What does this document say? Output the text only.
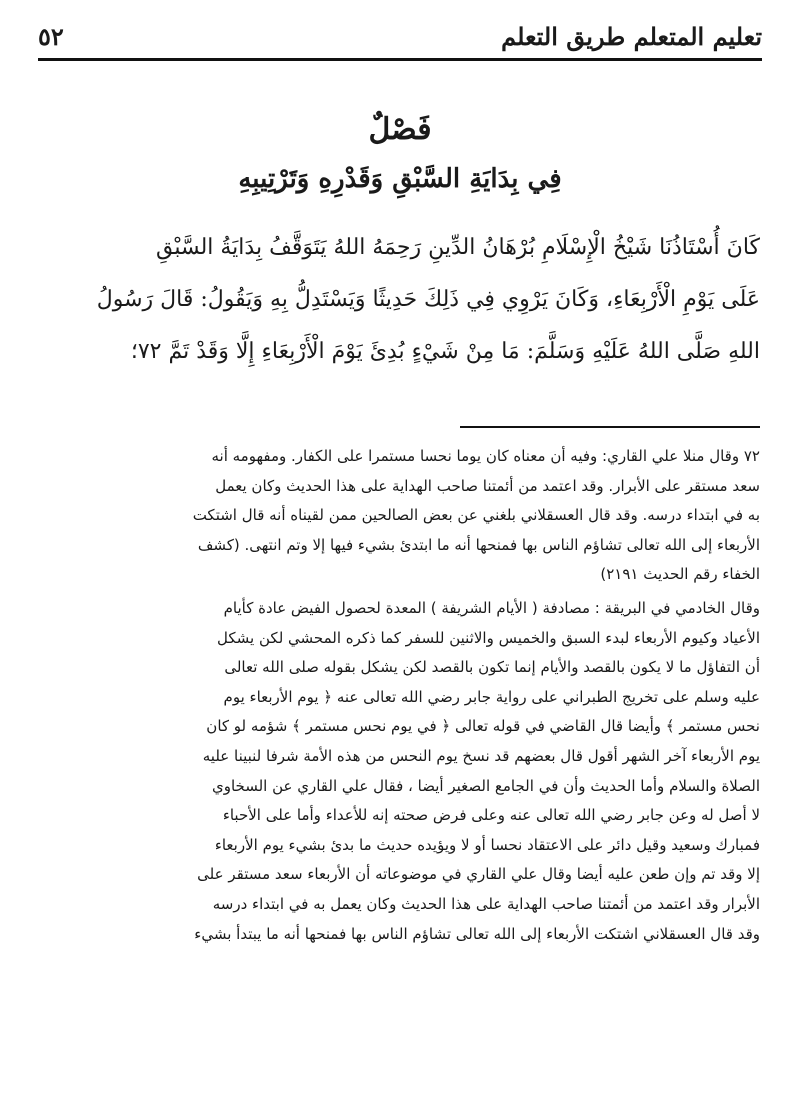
تعليم المتعلم طريق التعلم
٥٢
فَصْلٌ
فِي بِدَايَةِ السَّبْقِ وَقَدْرِهِ وَتَرْتِيبِهِ
كَانَ أُسْتَاذُنَا شَيْخُ الْإِسْلَامِ بُرْهَانُ الدِّينِ رَحِمَهُ اللهُ يَتَوَقَّفُ بِدَايَةُ السَّبْقِ
عَلَى يَوْمِ الْأَرْبِعَاءِ، وَكَانَ يَرْوِي فِي ذَلِكَ حَدِيثًا وَيَسْتَدِلُّ بِهِ وَيَقُولُ: قَالَ رَسُولُ
اللهِ صَلَّى اللهُ عَلَيْهِ وَسَلَّمَ: مَا مِنْ شَيْءٍ بُدِئَ يَوْمَ الْأَرْبِعَاءِ إِلَّا وَقَدْ تَمَّ ٧٢؛
٧٢ وقال منلا علي القاري: وفيه أن معناه كان يوما نحسا مستمرا على الكفار. ومفهومه أنه
سعد مستقر على الأبرار. وقد اعتمد من أئمتنا صاحب الهداية على هذا الحديث وكان يعمل
به في ابتداء درسه. وقد قال العسقلاني بلغني عن بعض الصالحين ممن لقيناه أنه قال اشتكت
الأربعاء إلى الله تعالى تشاؤم الناس بها فمنحها أنه ما ابتدئ بشيء فيها إلا وتم انتهى. (كشف
الخفاء رقم الحديث ٢١٩١)
وقال الخادمي في البريقة : مصادفة ( الأيام الشريفة ) المعدة لحصول الفيض عادة كأيام
الأعياد وكيوم الأربعاء لبدء السبق والخميس والاثنين للسفر كما ذكره المحشي لكن يشكل
أن التفاؤل ما لا يكون بالقصد والأيام إنما تكون بالقصد لكن يشكل بقوله صلى الله تعالى
عليه وسلم على تخريج الطبراني على رواية جابر رضي الله تعالى عنه ﴿ يوم الأربعاء يوم
نحس مستمر ﴾ وأيضا قال القاضي في قوله تعالى ﴿ في يوم نحس مستمر ﴾ شؤمه لو كان
يوم الأربعاء آخر الشهر أقول قال بعضهم قد نسخ يوم النحس من هذه الأمة شرفا لنبينا عليه
الصلاة والسلام وأما الحديث وأن في الجامع الصغير أيضا ، فقال علي القاري عن السخاوي
لا أصل له وعن جابر رضي الله تعالى عنه وعلى فرض صحته إنه للأعداء وأما على الأحباء
فمبارك وسعيد وقيل دائر على الاعتقاد نحسا أو لا ويؤيده حديث ما بدئ بشيء يوم الأربعاء
إلا وقد تم وإن طعن عليه أيضا وقال علي القاري في موضوعاته أن الأربعاء سعد مستقر على
الأبرار وقد اعتمد من أئمتنا صاحب الهداية على هذا الحديث وكان يعمل به في ابتداء درسه
وقد قال العسقلاني اشتكت الأربعاء إلى الله تعالى تشاؤم الناس بها فمنحها أنه ما يبتدأ بشيء
